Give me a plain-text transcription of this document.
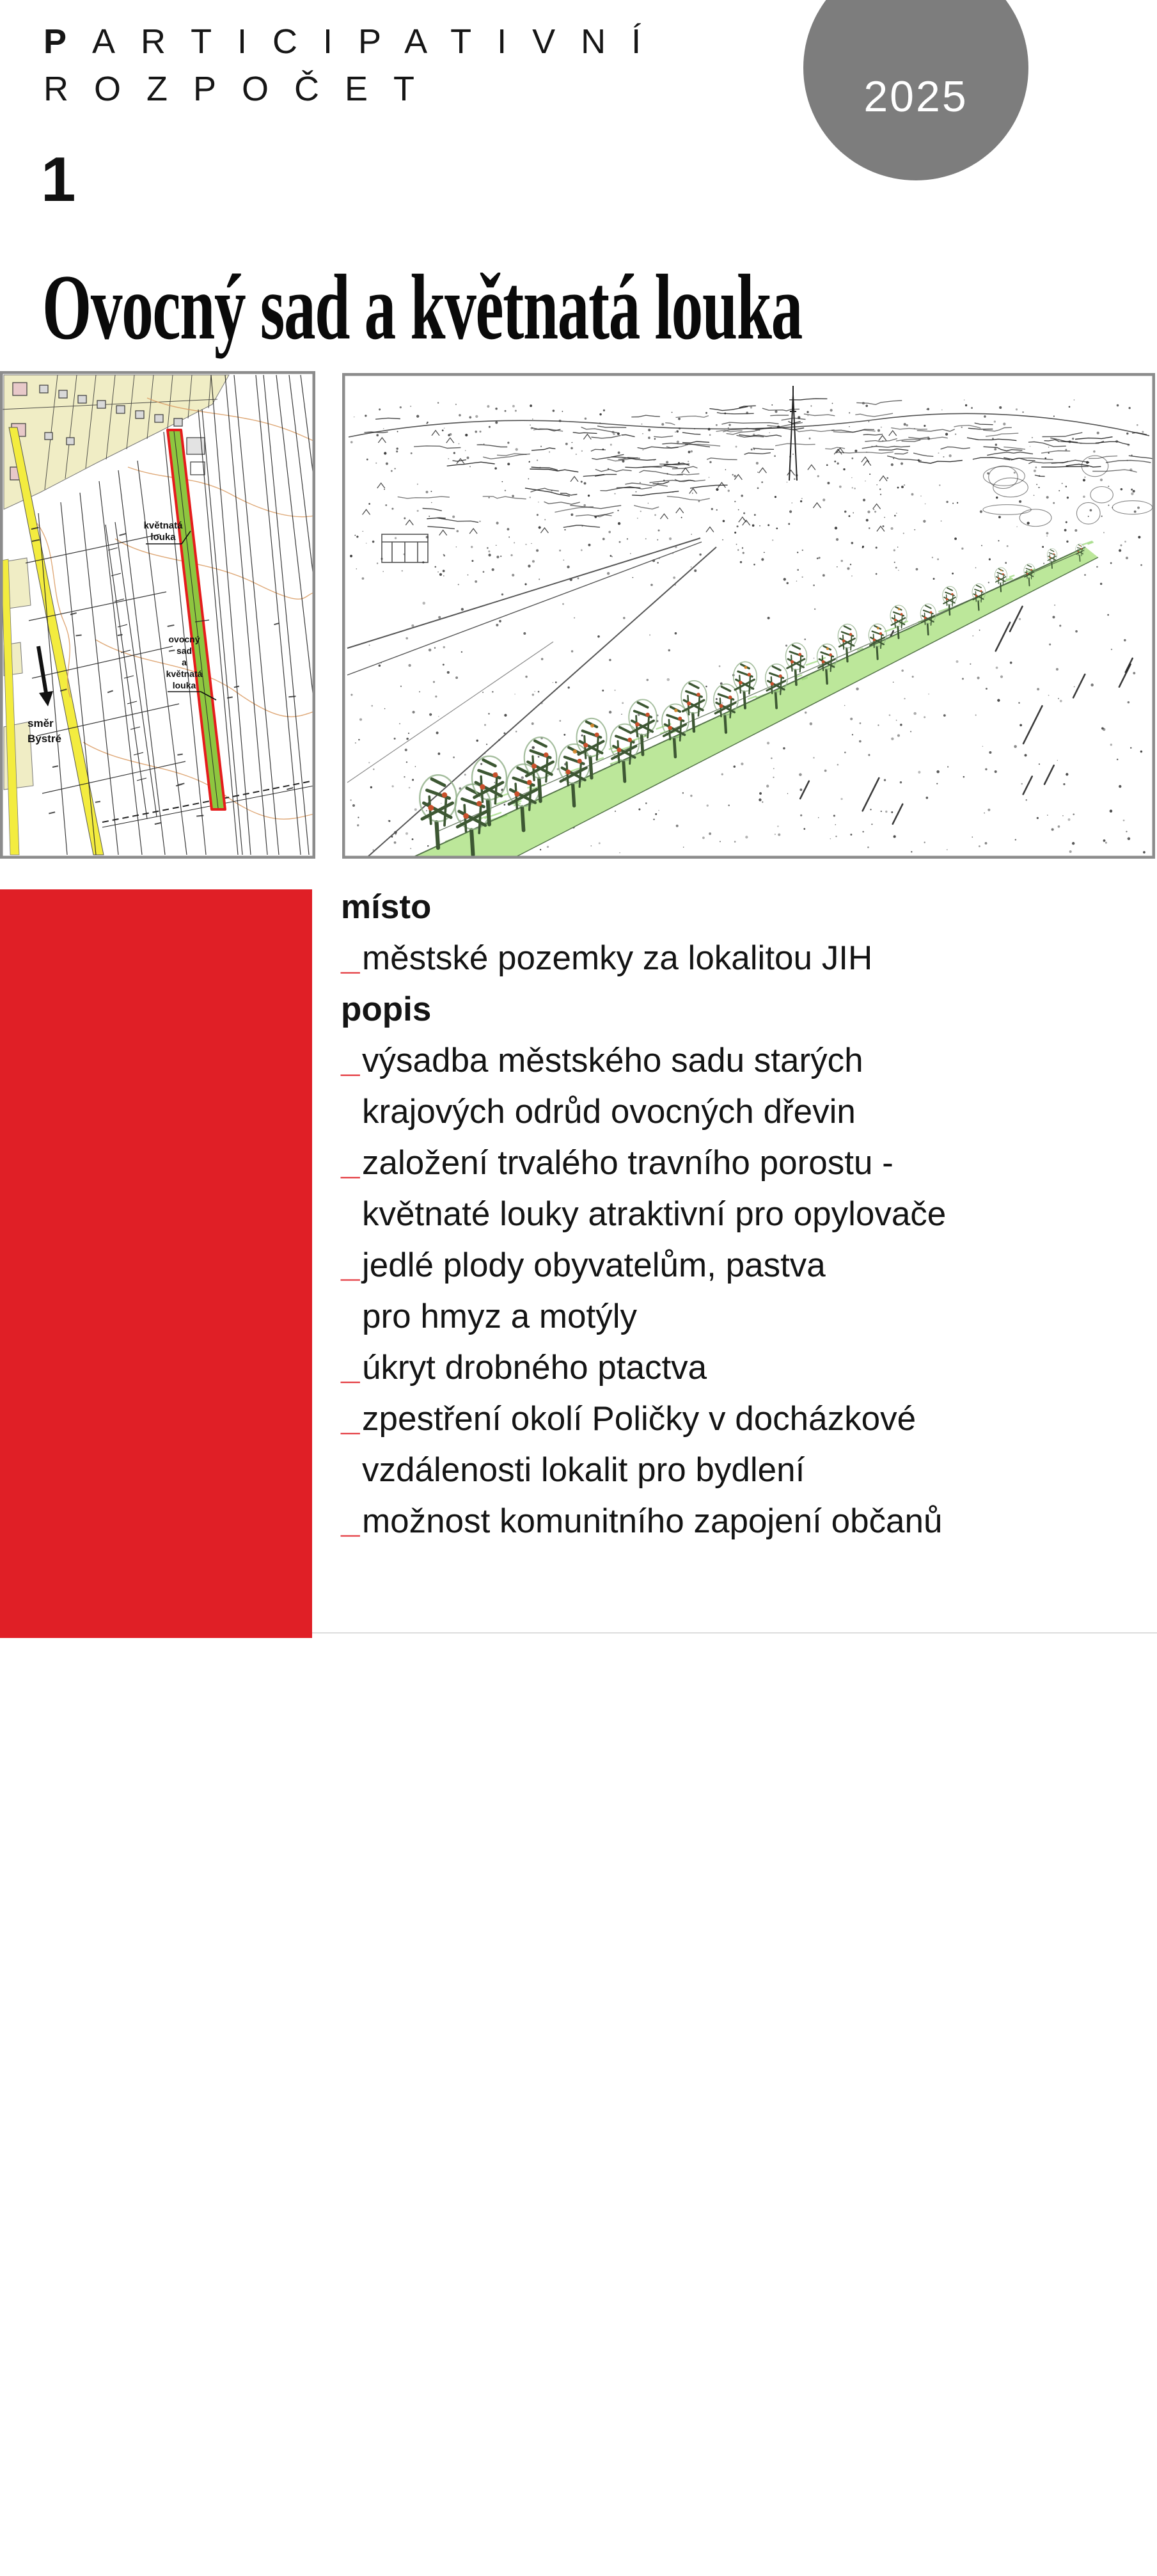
PARTICIPATIVNÍ
ROZPOČET
1
2025
Ovocný sad a květnatá louka
květnatá
louka
ovocný
sad
a
květnatá
louka
směr
Bystré
návrh číslo 1
místo
_ městské pozemky za lokalitou JIH
popis
_ výsadba městského sadu starých
krajových odrůd ovocných dřevin
_ založení trvalého travního porostu -
květnaté louky atraktivní pro opylovače
_ jedlé plody obyvatelům, pastva
pro hmyz a motýly
_ úkryt drobného ptactva
_ zpestření okolí Poličky v docházkové
vzdálenosti lokalit pro bydlení
_ možnost komunitního zapojení občanů
